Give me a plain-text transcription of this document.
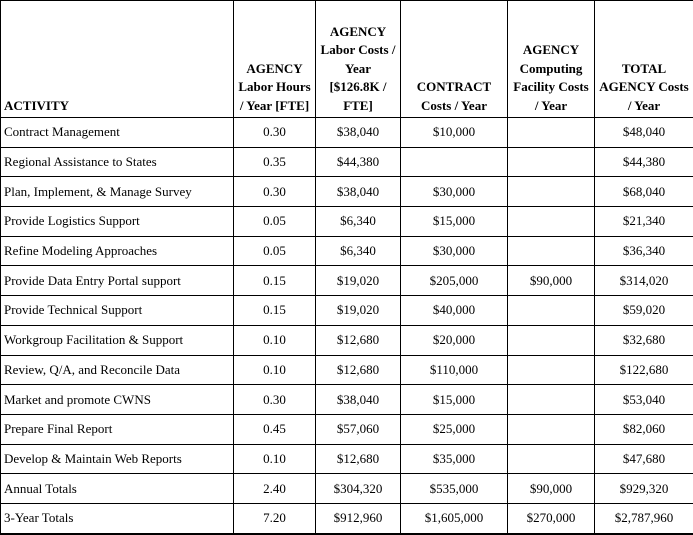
ACTIVITY	AGENCY Labor Hours / Year [FTE]	AGENCY Labor Costs / Year [$126.8K / FTE]	CONTRACT Costs / Year	AGENCY Computing Facility Costs / Year	TOTAL AGENCY Costs / Year
Contract Management	0.30	$38,040	$10,000		$48,040
Regional Assistance to States	0.35	$44,380			$44,380
Plan, Implement, & Manage Survey	0.30	$38,040	$30,000		$68,040
Provide Logistics Support	0.05	$6,340	$15,000		$21,340
Refine Modeling Approaches	0.05	$6,340	$30,000		$36,340
Provide Data Entry Portal support	0.15	$19,020	$205,000	$90,000	$314,020
Provide Technical Support	0.15	$19,020	$40,000		$59,020
Workgroup Facilitation & Support	0.10	$12,680	$20,000		$32,680
Review, Q/A, and Reconcile Data	0.10	$12,680	$110,000		$122,680
Market and promote CWNS	0.30	$38,040	$15,000		$53,040
Prepare Final Report	0.45	$57,060	$25,000		$82,060
Develop & Maintain Web Reports	0.10	$12,680	$35,000		$47,680
Annual Totals	2.40	$304,320	$535,000	$90,000	$929,320
3-Year Totals	7.20	$912,960	$1,605,000	$270,000	$2,787,960
